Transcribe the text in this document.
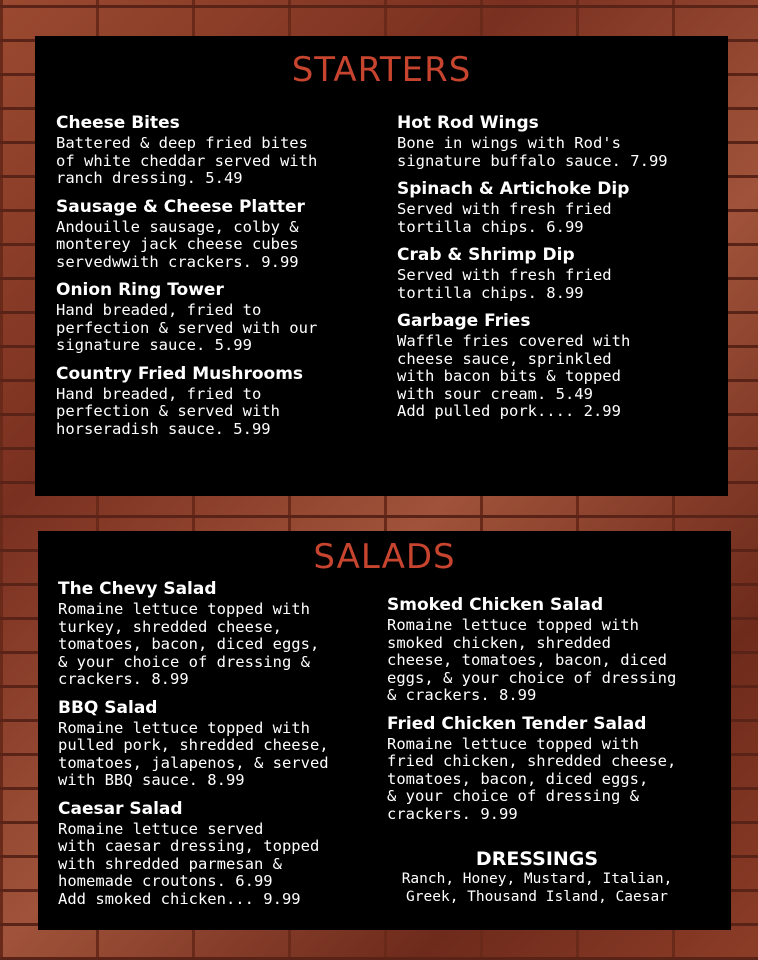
STARTERS
Cheese Bites
Battered & deep fried bites
of white cheddar served with
ranch dressing. 5.49
Sausage & Cheese Platter
Andouille sausage, colby &
monterey jack cheese cubes
servedwwith crackers. 9.99
Onion Ring Tower
Hand breaded, fried to
perfection & served with our
signature sauce. 5.99
Country Fried Mushrooms
Hand breaded, fried to
perfection & served with
horseradish sauce. 5.99
Hot Rod Wings
Bone in wings with Rod's
signature buffalo sauce. 7.99
Spinach & Artichoke Dip
Served with fresh fried
tortilla chips. 6.99
Crab & Shrimp Dip
Served with fresh fried
tortilla chips. 8.99
Garbage Fries
Waffle fries covered with
cheese sauce, sprinkled
with bacon bits & topped
with sour cream. 5.49
Add pulled pork.... 2.99
SALADS
The Chevy Salad
Romaine lettuce topped with
turkey, shredded cheese,
tomatoes, bacon, diced eggs,
& your choice of dressing &
crackers. 8.99
BBQ Salad
Romaine lettuce topped with
pulled pork, shredded cheese,
tomatoes, jalapenos, & served
with BBQ sauce. 8.99
Caesar Salad
Romaine lettuce served
with caesar dressing, topped
with shredded parmesan &
homemade croutons. 6.99
Add smoked chicken... 9.99
Smoked Chicken Salad
Romaine lettuce topped with
smoked chicken, shredded
cheese, tomatoes, bacon, diced
eggs, & your choice of dressing
& crackers. 8.99
Fried Chicken Tender Salad
Romaine lettuce topped with
fried chicken, shredded cheese,
tomatoes, bacon, diced eggs,
& your choice of dressing &
crackers. 9.99
DRESSINGS
Ranch, Honey, Mustard, Italian,
Greek, Thousand Island, Caesar
